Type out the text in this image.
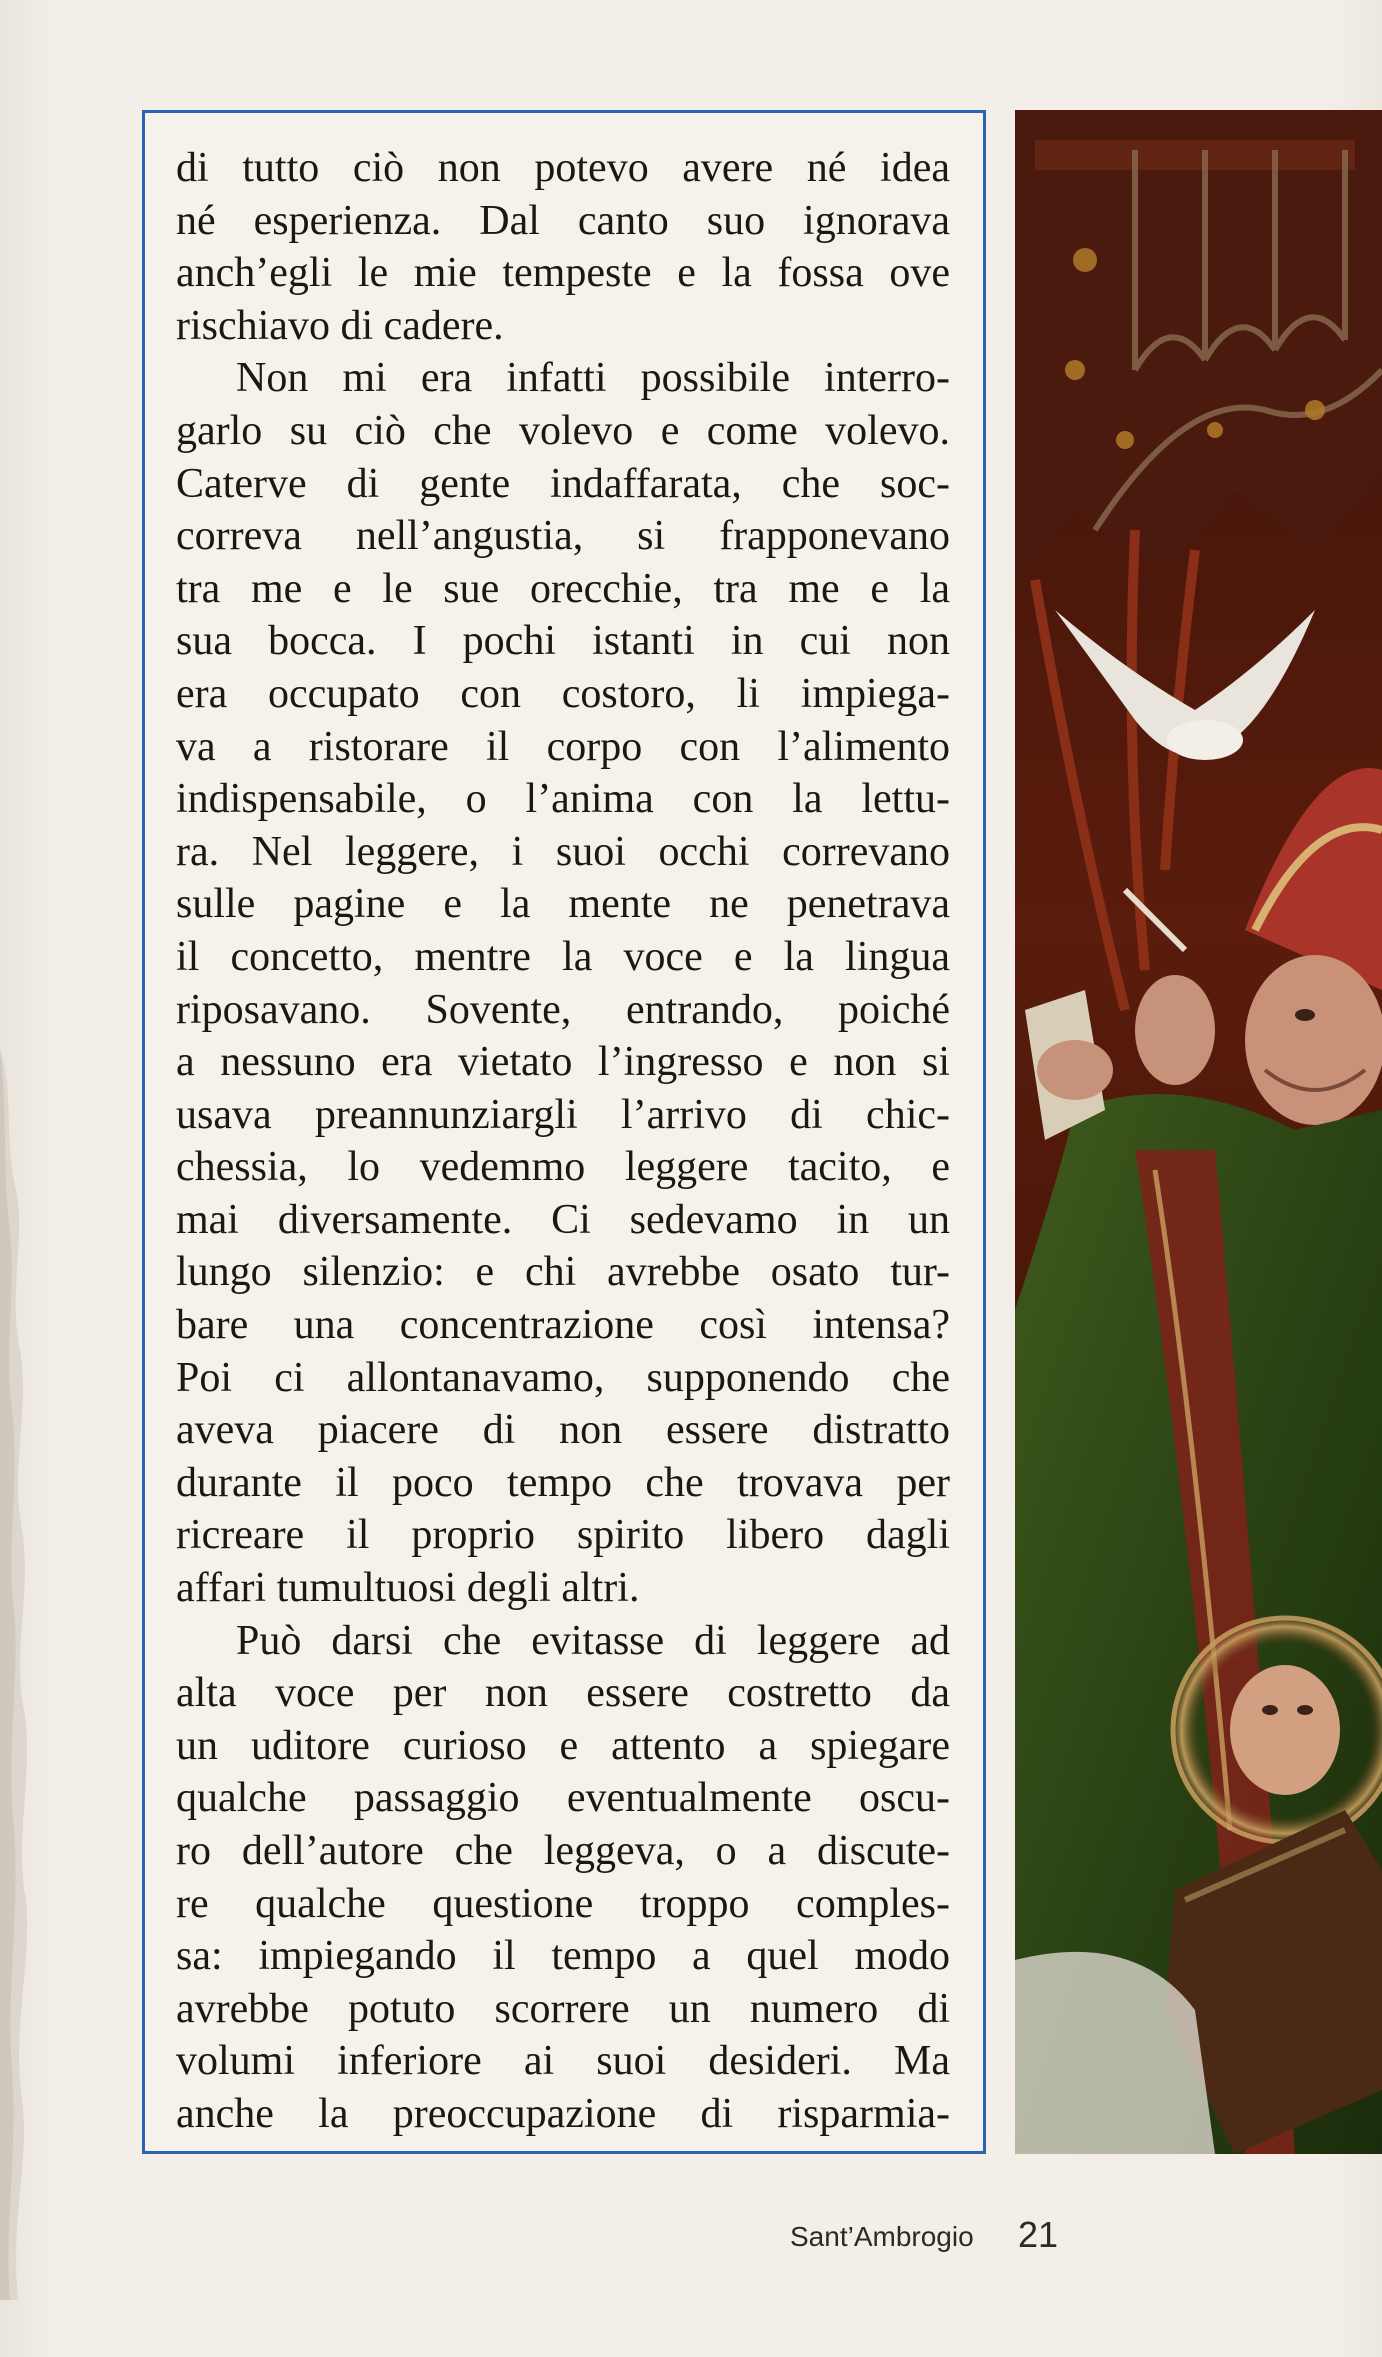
di tutto ciò non potevo avere né idea
né esperienza. Dal canto suo ignorava
anch’egli le mie tempeste e la fossa ove
rischiavo di cadere.
Non mi era infatti possibile interro-
garlo su ciò che volevo e come volevo.
Caterve di gente indaffarata, che soc-
correva nell’angustia, si frapponevano
tra me e le sue orecchie, tra me e la
sua bocca. I pochi istanti in cui non
era occupato con costoro, li impiega-
va a ristorare il corpo con l’alimento
indispensabile, o l’anima con la lettu-
ra. Nel leggere, i suoi occhi correvano
sulle pagine e la mente ne penetrava
il concetto, mentre la voce e la lingua
riposavano. Sovente, entrando, poiché
a nessuno era vietato l’ingresso e non si
usava preannunziargli l’arrivo di chic-
chessia, lo vedemmo leggere tacito, e
mai diversamente. Ci sedevamo in un
lungo silenzio: e chi avrebbe osato tur-
bare una concentrazione così intensa?
Poi ci allontanavamo, supponendo che
aveva piacere di non essere distratto
durante il poco tempo che trovava per
ricreare il proprio spirito libero dagli
affari tumultuosi degli altri.
Può darsi che evitasse di leggere ad
alta voce per non essere costretto da
un uditore curioso e attento a spiegare
qualche passaggio eventualmente oscu-
ro dell’autore che leggeva, o a discute-
re qualche questione troppo comples-
sa: impiegando il tempo a quel modo
avrebbe potuto scorrere un numero di
volumi inferiore ai suoi desideri. Ma
anche la preoccupazione di risparmia-
Sant’Ambrogio 21
